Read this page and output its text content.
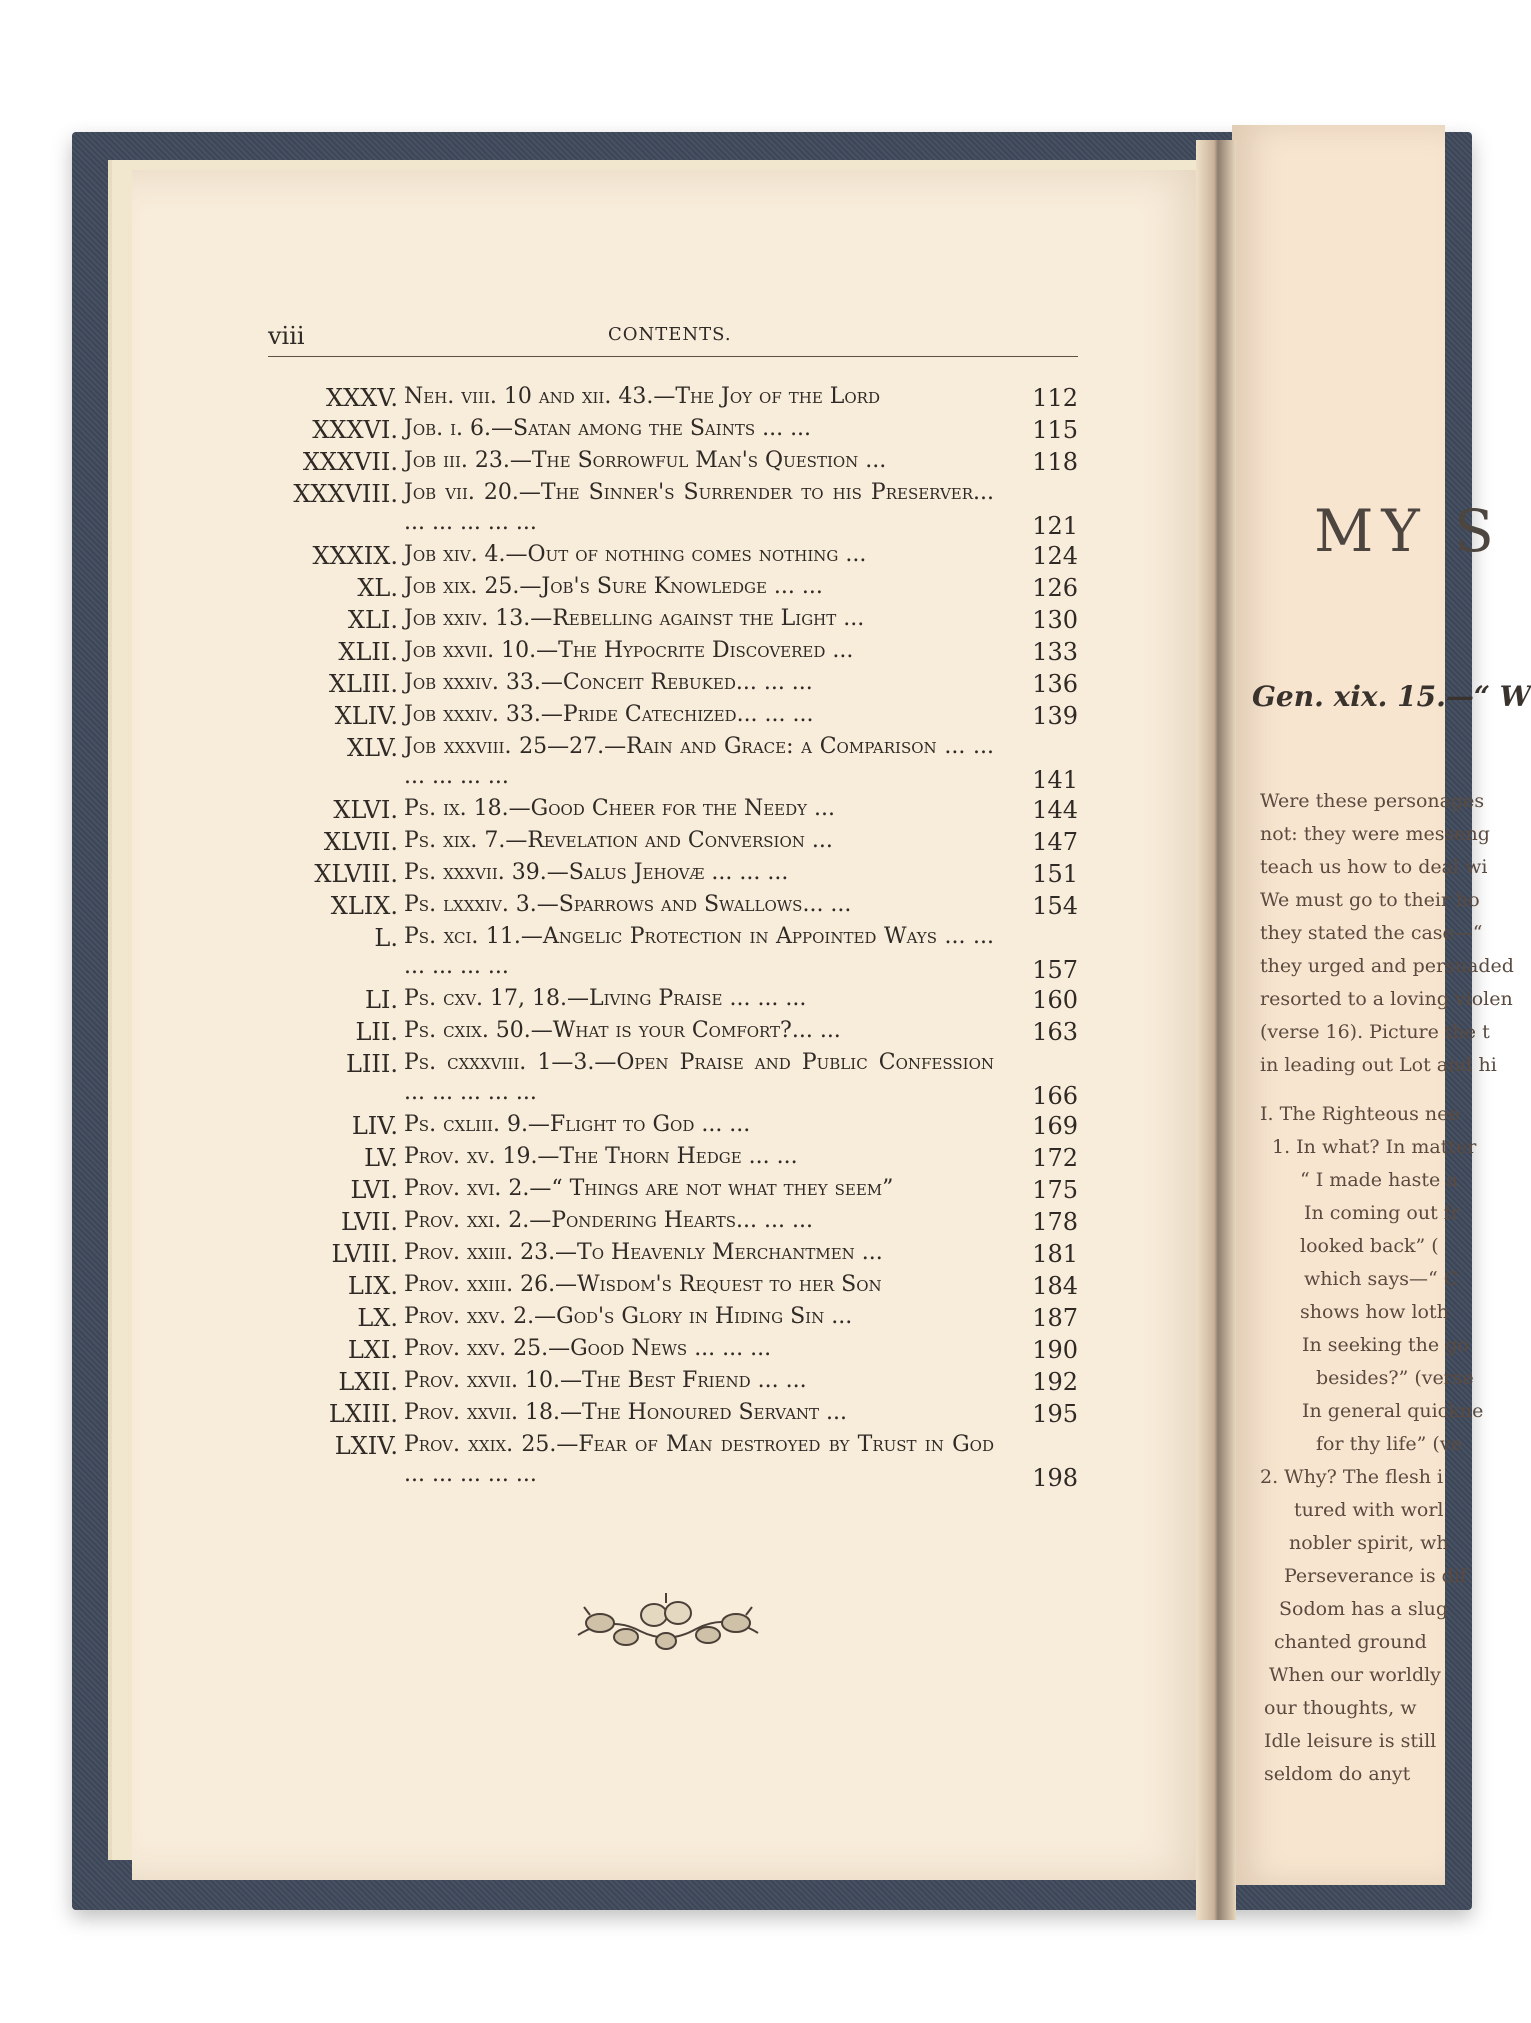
MY S
Gen. xix. 15.—“ W
Were these personages
not: they were messeng
teach us how to deal wi
We must go to their ho
they stated the case—“
they urged and persuaded
resorted to a loving violen
(verse 16). Picture the t
in leading out Lot and hi
I. The Righteous nee
1. In what? In matter
“ I made haste a
In coming out fr
looked back” (
which says—“ C
shows how loth
In seeking the go
besides?” (verse
In general quickne
for thy life” (ve
2. Why? The flesh i
tured with worl
nobler spirit, wh
Perseverance is dif
Sodom has a slug
chanted ground
When our worldly
our thoughts, w
Idle leisure is still
seldom do anyt
viii	CONTENTS.
XXXV. Neh. viii. 10 and xii. 43.—The Joy of the Lord	112
XXXVI. Job. i. 6.—Satan among the Saints ... ...	115
XXXVII. Job iii. 23.—The Sorrowful Man's Question ...	118
XXXVIII. Job vii. 20.—The Sinner's Surrender to his Preserver... ... ... ... ... ...	121
XXXIX. Job xiv. 4.—Out of nothing comes nothing ...	124
XL. Job xix. 25.—Job's Sure Knowledge ... ...	126
XLI. Job xxiv. 13.—Rebelling against the Light ...	130
XLII. Job xxvii. 10.—The Hypocrite Discovered ...	133
XLIII. Job xxxiv. 33.—Conceit Rebuked... ... ...	136
XLIV. Job xxxiv. 33.—Pride Catechized... ... ...	139
XLV. Job xxxviii. 25—27.—Rain and Grace: a Comparison ... ... ... ... ... ...	141
XLVI. Ps. ix. 18.—Good Cheer for the Needy ...	144
XLVII. Ps. xix. 7.—Revelation and Conversion ...	147
XLVIII. Ps. xxxvii. 39.—Salus Jehovæ ... ... ...	151
XLIX. Ps. lxxxiv. 3.—Sparrows and Swallows... ...	154
L. Ps. xci. 11.—Angelic Protection in Appointed Ways ... ... ... ... ... ...	157
LI. Ps. cxv. 17, 18.—Living Praise ... ... ...	160
LII. Ps. cxix. 50.—What is your Comfort?... ...	163
LIII. Ps. cxxxviii. 1—3.—Open Praise and Public Confession ... ... ... ... ...	166
LIV. Ps. cxliii. 9.—Flight to God ... ...	169
LV. Prov. xv. 19.—The Thorn Hedge ... ...	172
LVI. Prov. xvi. 2.—“ Things are not what they seem”	175
LVII. Prov. xxi. 2.—Pondering Hearts... ... ...	178
LVIII. Prov. xxiii. 23.—To Heavenly Merchantmen ...	181
LIX. Prov. xxiii. 26.—Wisdom's Request to her Son	184
LX. Prov. xxv. 2.—God's Glory in Hiding Sin ...	187
LXI. Prov. xxv. 25.—Good News ... ... ...	190
LXII. Prov. xxvii. 10.—The Best Friend ... ...	192
LXIII. Prov. xxvii. 18.—The Honoured Servant ...	195
LXIV. Prov. xxix. 25.—Fear of Man destroyed by Trust in God ... ... ... ... ...	198
